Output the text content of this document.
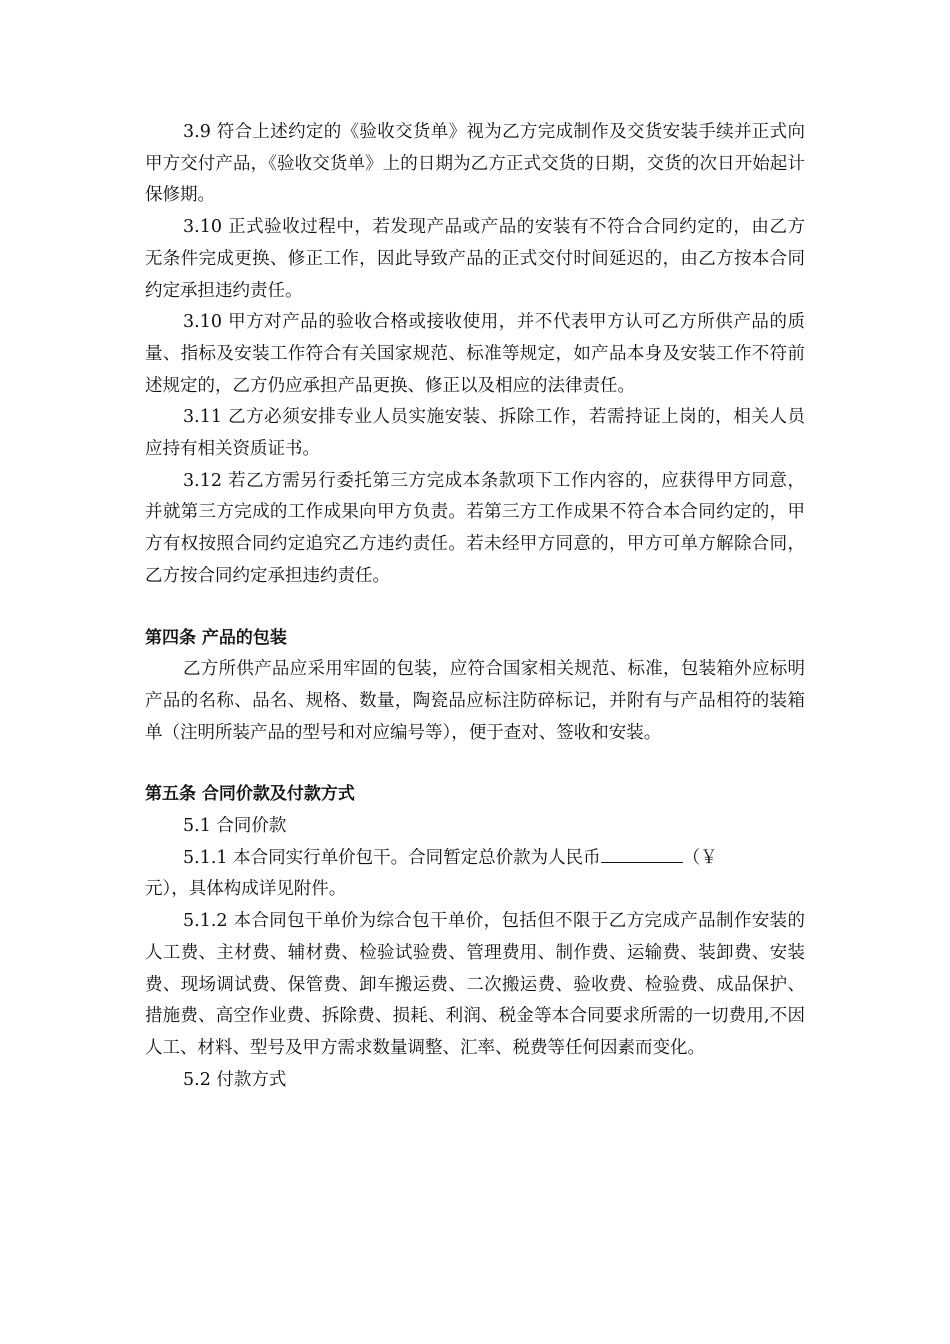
3.9 符合上述约定的《验收交货单》视为乙方完成制作及交货安装手续并正式向甲方交付产品，《验收交货单》上的日期为乙方正式交货的日期，交货的次日开始起计保修期。

3.10 正式验收过程中，若发现产品或产品的安装有不符合合同约定的，由乙方无条件完成更换、修正工作，因此导致产品的正式交付时间延迟的，由乙方按本合同约定承担违约责任。

3.10 甲方对产品的验收合格或接收使用，并不代表甲方认可乙方所供产品的质量、指标及安装工作符合有关国家规范、标准等规定，如产品本身及安装工作不符前述规定的，乙方仍应承担产品更换、修正以及相应的法律责任。

3.11 乙方必须安排专业人员实施安装、拆除工作，若需持证上岗的，相关人员应持有相关资质证书。

3.12 若乙方需另行委托第三方完成本条款项下工作内容的，应获得甲方同意，并就第三方完成的工作成果向甲方负责。若第三方工作成果不符合本合同约定的，甲方有权按照合同约定追究乙方违约责任。若未经甲方同意的，甲方可单方解除合同，乙方按合同约定承担违约责任。

第四条 产品的包装

乙方所供产品应采用牢固的包装，应符合国家相关规范、标准，包装箱外应标明产品的名称、品名、规格、数量，陶瓷品应标注防碎标记，并附有与产品相符的装箱单（注明所装产品的型号和对应编号等），便于查对、签收和安装。

第五条 合同价款及付款方式

5.1 合同价款

5.1.1 本合同实行单价包干。合同暂定总价款为人民币	（￥
元），具体构成详见附件。

5.1.2 本合同包干单价为综合包干单价，包括但不限于乙方完成产品制作安装的人工费、主材费、辅材费、检验试验费、管理费用、制作费、运输费、装卸费、安装费、现场调试费、保管费、卸车搬运费、二次搬运费、验收费、检验费、成品保护、措施费、高空作业费、拆除费、损耗、利润、税金等本合同要求所需的一切费用,不因人工、材料、型号及甲方需求数量调整、汇率、税费等任何因素而变化。

5.2 付款方式
